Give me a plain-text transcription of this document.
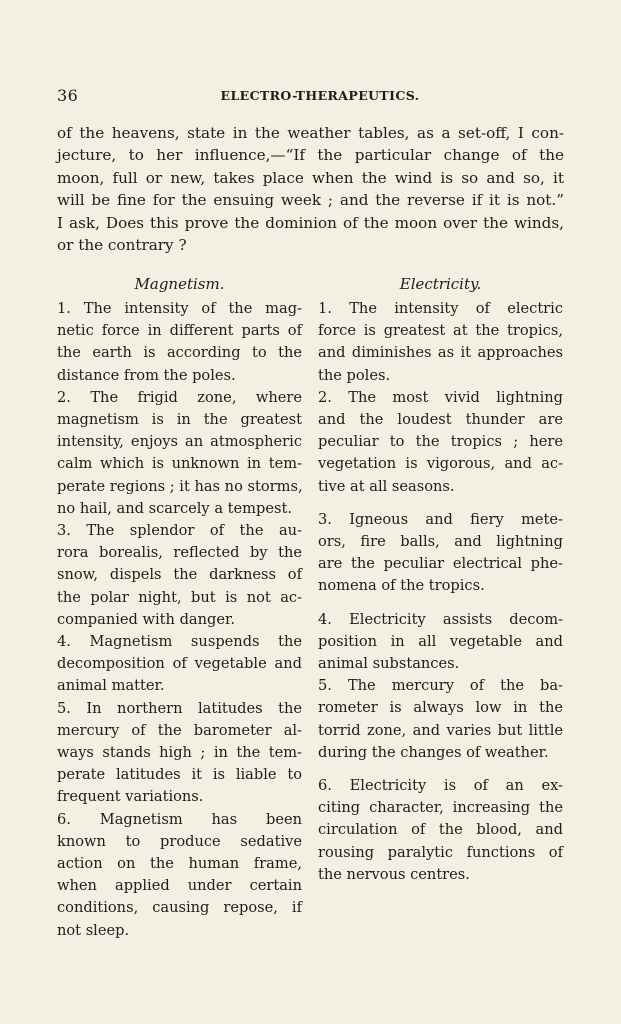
36	ELECTRO-THERAPEUTICS.
of the heavens, state in the weather tables, as a set-off, I con-
jecture, to her influence,—“If the particular change of the
moon, full or new, takes place when the wind is so and so, it
will be fine for the ensuing week ; and the reverse if it is not.”
I ask, Does this prove the dominion of the moon over the winds,
or the contrary ?
Magnetism.
1. The intensity of the mag-
netic force in different parts of
the earth is according to the
distance from the poles.
2. The frigid zone, where
magnetism is in the greatest
intensity, enjoys an atmospheric
calm which is unknown in tem-
perate regions ; it has no storms,
no hail, and scarcely a tempest.
3. The splendor of the au-
rora borealis, reflected by the
snow, dispels the darkness of
the polar night, but is not ac-
companied with danger.
4. Magnetism suspends the
decomposition of vegetable and
animal matter.
5. In northern latitudes the
mercury of the barometer al-
ways stands high ; in the tem-
perate latitudes it is liable to
frequent variations.
6. Magnetism has been
known to produce sedative
action on the human frame,
when applied under certain
conditions, causing repose, if
not sleep.
Electricity.
1. The intensity of electric
force is greatest at the tropics,
and diminishes as it approaches
the poles.
2. The most vivid lightning
and the loudest thunder are
peculiar to the tropics ; here
vegetation is vigorous, and ac-
tive at all seasons.
3. Igneous and fiery mete-
ors, fire balls, and lightning
are the peculiar electrical phe-
nomena of the tropics.
4. Electricity assists decom-
position in all vegetable and
animal substances.
5. The mercury of the ba-
rometer is always low in the
torrid zone, and varies but little
during the changes of weather.
6. Electricity is of an ex-
citing character, increasing the
circulation of the blood, and
rousing paralytic functions of
the nervous centres.
